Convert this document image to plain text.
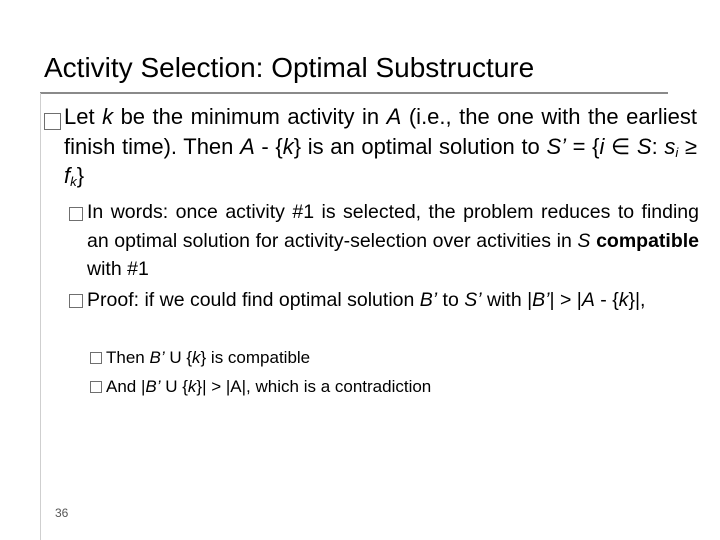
Activity Selection: Optimal Substructure
Let k be the minimum activity in A (i.e., the one with the earliest finish time). Then A - {k} is an optimal solution to S’ = {i ∈ S: $s_i \ge f_k$}
In words: once activity #1 is selected, the problem reduces to finding an optimal solution for activity-selection over activities in S compatible with #1
Proof: if we could find optimal solution B’ to S’ with |B’| > |A - {k}|,
Then B’ U {k} is compatible
And |B’ U {k}| > |A|, which is a contradiction
36
